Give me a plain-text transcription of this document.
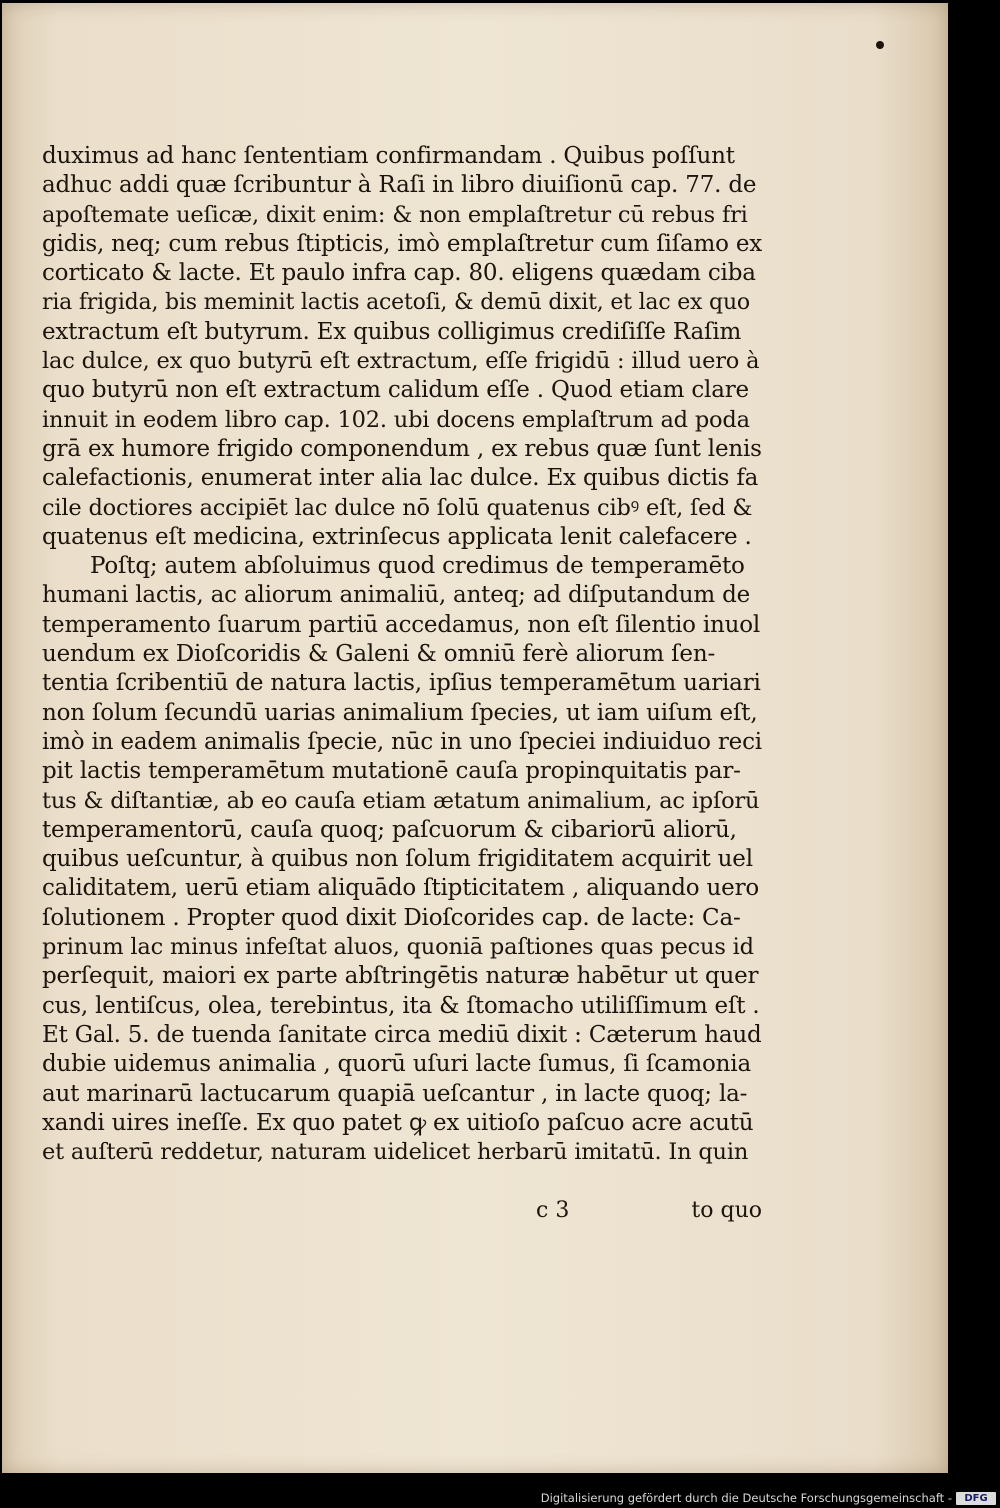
duximus ad hanc ſententiam confirmandam . Quibus poſſunt
adhuc addi quæ ſcribuntur à Raſi in libro diuiſionū cap. 77. de
apoſtemate ueſicæ, dixit enim: & non emplaſtretur cū rebus fri
gidis, neq; cum rebus ſtipticis, imò emplaſtretur cum ſiſamo ex
corticato & lacte. Et paulo infra cap. 80. eligens quædam ciba
ria frigida, bis meminit lactis acetoſi, & demū dixit, et lac ex quo
extractum eſt butyrum. Ex quibus colligimus crediſiſſe Raſim
lac dulce, ex quo butyrū eſt extractum, eſſe frigidū : illud uero à
quo butyrū non eſt extractum calidum eſſe . Quod etiam clare
innuit in eodem libro cap. 102. ubi docens emplaſtrum ad poda
grā ex humore frigido componendum , ex rebus quæ ſunt lenis
calefactionis, enumerat inter alia lac dulce. Ex quibus dictis fa
cile doctiores accipiēt lac dulce nō ſolū quatenus cibꝰ eſt, ſed &
quatenus eſt medicina, extrinſecus applicata lenit calefacere .
Poſtq; autem abſoluimus quod credimus de temperamēto
humani lactis, ac aliorum animaliū, anteq; ad diſputandum de
temperamento ſuarum partiū accedamus, non eſt ſilentio inuol
uendum ex Dioſcoridis & Galeni & omniū ferè aliorum ſen-
tentia ſcribentiū de natura lactis, ipſius temperamētum uariari
non ſolum ſecundū uarias animalium ſpecies, ut iam uiſum eſt,
imò in eadem animalis ſpecie, nūc in uno ſpeciei indiuiduo reci
pit lactis temperamētum mutationē cauſa propinquitatis par-
tus & diſtantiæ, ab eo cauſa etiam ætatum animalium, ac ipſorū
temperamentorū, cauſa quoq; paſcuorum & cibariorū aliorū,
quibus ueſcuntur, à quibus non ſolum frigiditatem acquirit uel
caliditatem, uerū etiam aliquādo ſtipticitatem , aliquando uero
ſolutionem . Propter quod dixit Dioſcorides cap. de lacte: Ca-
prinum lac minus infeſtat aluos, quoniā paſtiones quas pecus id
perſequit, maiori ex parte abſtringētis naturæ habētur ut quer
cus, lentiſcus, olea, terebintus, ita & ſtomacho utiliſſimum eſt .
Et Gal. 5. de tuenda ſanitate circa mediū dixit : Cæterum haud
dubie uidemus animalia , quorū uſuri lacte ſumus, ſi ſcamonia
aut marinarū lactucarum quapiā ueſcantur , in lacte quoq; la-
xandi uires ineſſe. Ex quo patet ꝙ ex uitioſo paſcuo acre acutū
et auſterū reddetur, naturam uidelicet herbarū imitatū. In quin
c 3	to quo
Digitalisierung gefördert durch die Deutsche Forschungsgemeinschaft -	DFG
